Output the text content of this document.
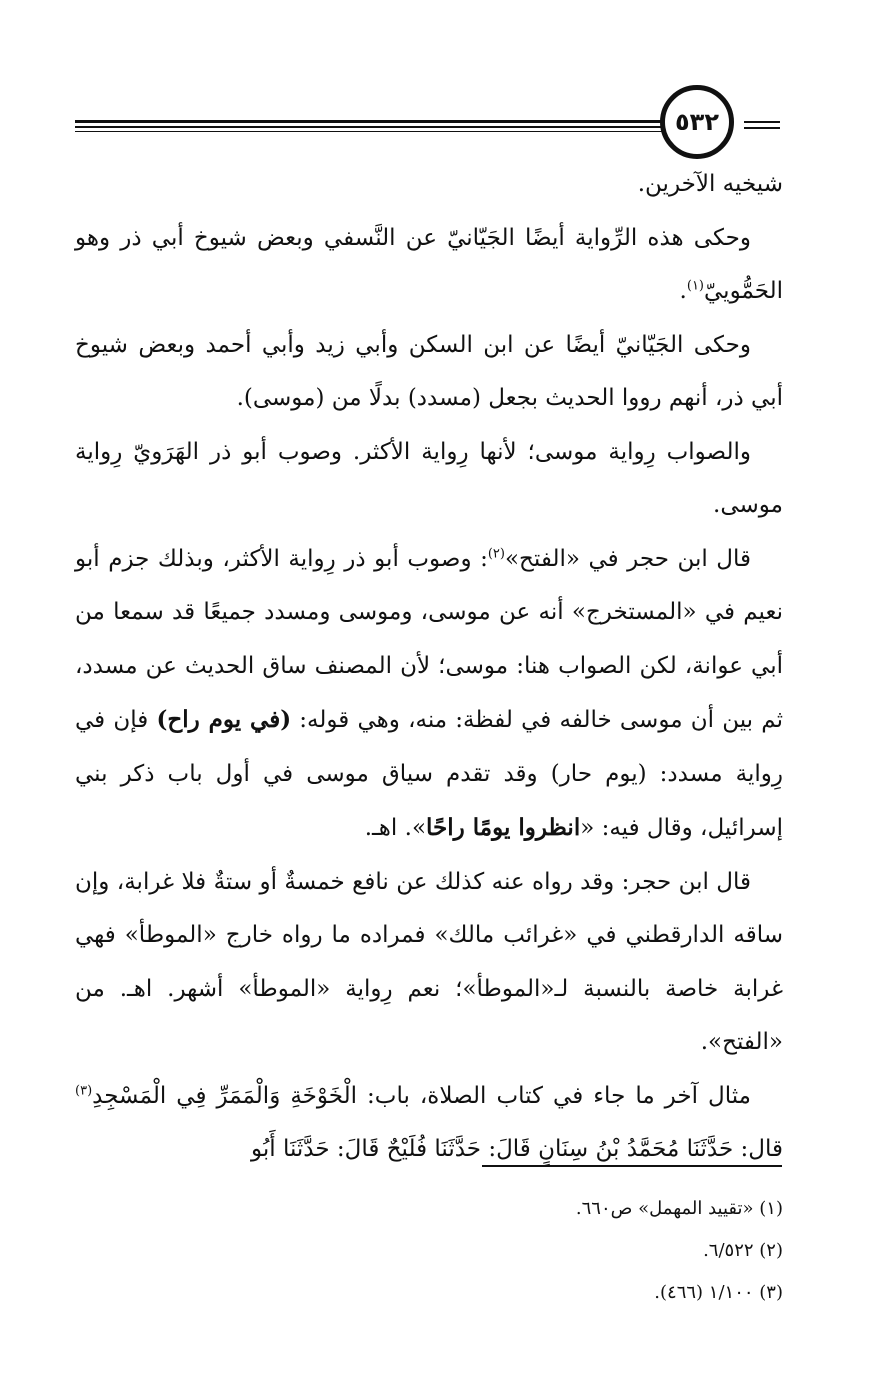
٥٣٢

شيخيه الآخرين.

وحكى هذه الرِّواية أيضًا الجَيّانيّ عن النَّسفي وبعض شيوخ أبي ذر وهو الحَمُّوييّ$^{(١)}$.

وحكى الجَيّانيّ أيضًا عن ابن السكن وأبي زيد وأبي أحمد وبعض شيوخ أبي ذر، أنهم رووا الحديث بجعل (مسدد) بدلًا من (موسى).

والصواب رِواية موسى؛ لأنها رِواية الأكثر. وصوب أبو ذر الهَرَويّ رِواية موسى.

قال ابن حجر في «الفتح»$^{(٢)}$: وصوب أبو ذر رِواية الأكثر، وبذلك جزم أبو نعيم في «المستخرج» أنه عن موسى، وموسى ومسدد جميعًا قد سمعا من أبي عوانة، لكن الصواب هنا: موسى؛ لأن المصنف ساق الحديث عن مسدد، ثم بين أن موسى خالفه في لفظة: منه، وهي قوله: (في يوم راح) فإن في رِواية مسدد: (يوم حار) وقد تقدم سياق موسى في أول باب ذكر بني إسرائيل، وقال فيه: «انظروا يومًا راحًا». اهـ.

قال ابن حجر: وقد رواه عنه كذلك عن نافع خمسةٌ أو ستةٌ فلا غرابة، وإن ساقه الدارقطني في «غرائب مالك» فمراده ما رواه خارج «الموطأ» فهي غرابة خاصة بالنسبة لـ«الموطأ»؛ نعم رِواية «الموطأ» أشهر. اهـ. من «الفتح».

مثال آخر ما جاء في كتاب الصلاة، باب: الْخَوْخَةِ وَالْمَمَرِّ فِي الْمَسْجِدِ$^{(٣)}$ قال: حَدَّثَنَا مُحَمَّدُ بْنُ سِنَانٍ قَالَ: حَدَّثَنَا فُلَيْحٌ قَالَ: حَدَّثَنَا أَبُو

(١) «تقييد المهمل» ص٦٦٠.

(٢) ٦/٥٢٢.

(٣) ١/١٠٠ (٤٦٦).
